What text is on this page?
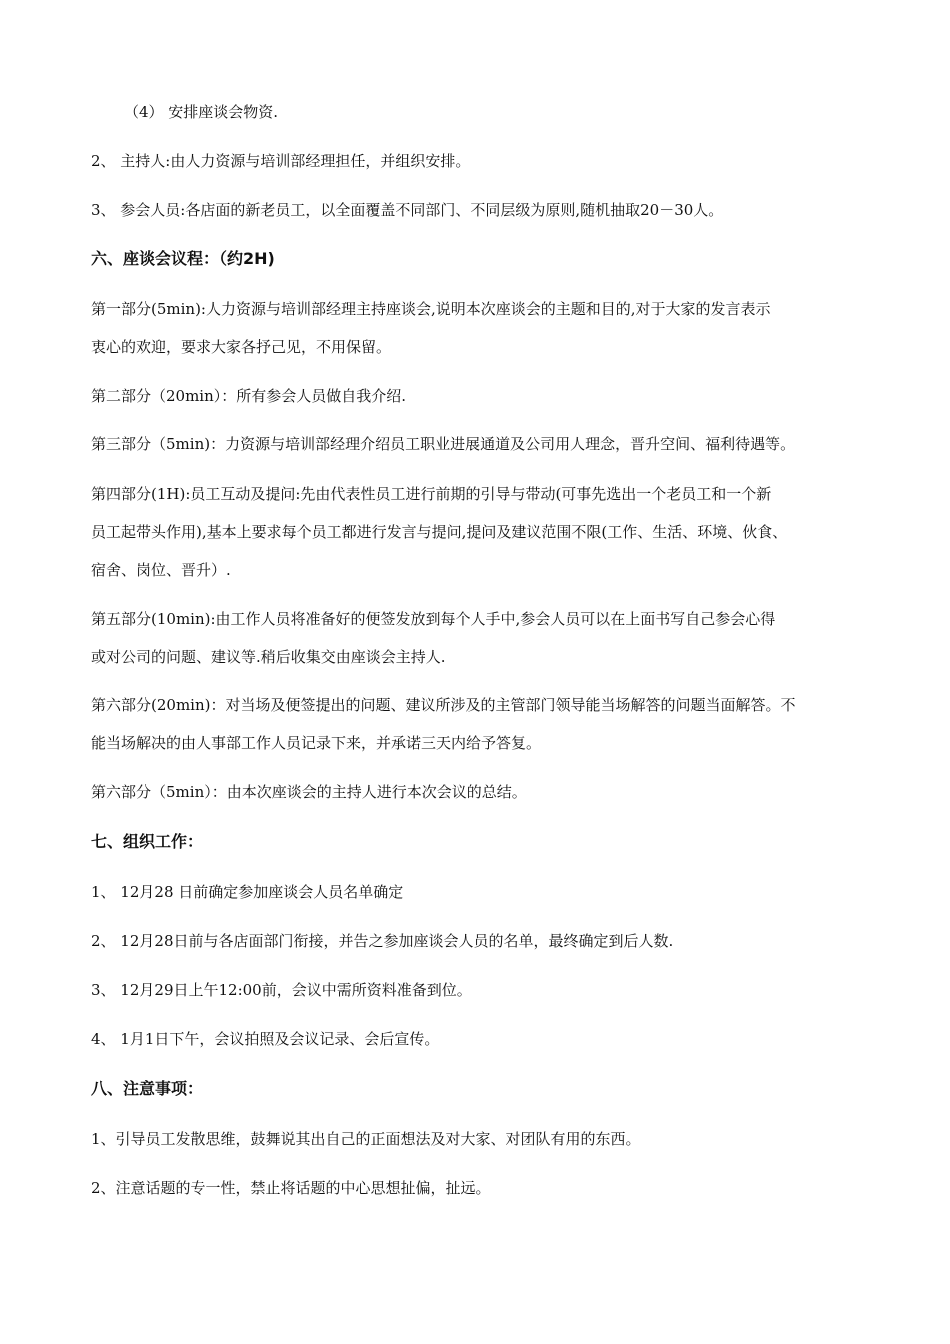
（4） 安排座谈会物资.
2、 主持人:由人力资源与培训部经理担任，并组织安排。
3、 参会人员:各店面的新老员工，以全面覆盖不同部门、不同层级为原则,随机抽取20－30人。
六、座谈会议程：（约2H)
第一部分(5min):人力资源与培训部经理主持座谈会,说明本次座谈会的主题和目的,对于大家的发言表示
衷心的欢迎，要求大家各抒己见，不用保留。
第二部分（20min）：所有参会人员做自我介绍.
第三部分（5min)：力资源与培训部经理介绍员工职业进展通道及公司用人理念，晋升空间、福利待遇等。
第四部分(1H):员工互动及提问:先由代表性员工进行前期的引导与带动(可事先选出一个老员工和一个新
员工起带头作用),基本上要求每个员工都进行发言与提问,提问及建议范围不限(工作、生活、环境、伙食、
宿舍、岗位、晋升）.
第五部分(10min):由工作人员将准备好的便签发放到每个人手中,参会人员可以在上面书写自己参会心得
或对公司的问题、建议等.稍后收集交由座谈会主持人.
第六部分(20min)：对当场及便签提出的问题、建议所涉及的主管部门领导能当场解答的问题当面解答。不
能当场解决的由人事部工作人员记录下来，并承诺三天内给予答复。
第六部分（5min）：由本次座谈会的主持人进行本次会议的总结。
七、组织工作：
1、 12月28 日前确定参加座谈会人员名单确定
2、 12月28日前与各店面部门衔接，并告之参加座谈会人员的名单，最终确定到后人数.
3、 12月29日上午12:00前，会议中需所资料准备到位。
4、 1月1日下午，会议拍照及会议记录、会后宣传。
八、注意事项：
1、引导员工发散思维，鼓舞说其出自己的正面想法及对大家、对团队有用的东西。
2、注意话题的专一性，禁止将话题的中心思想扯偏，扯远。
